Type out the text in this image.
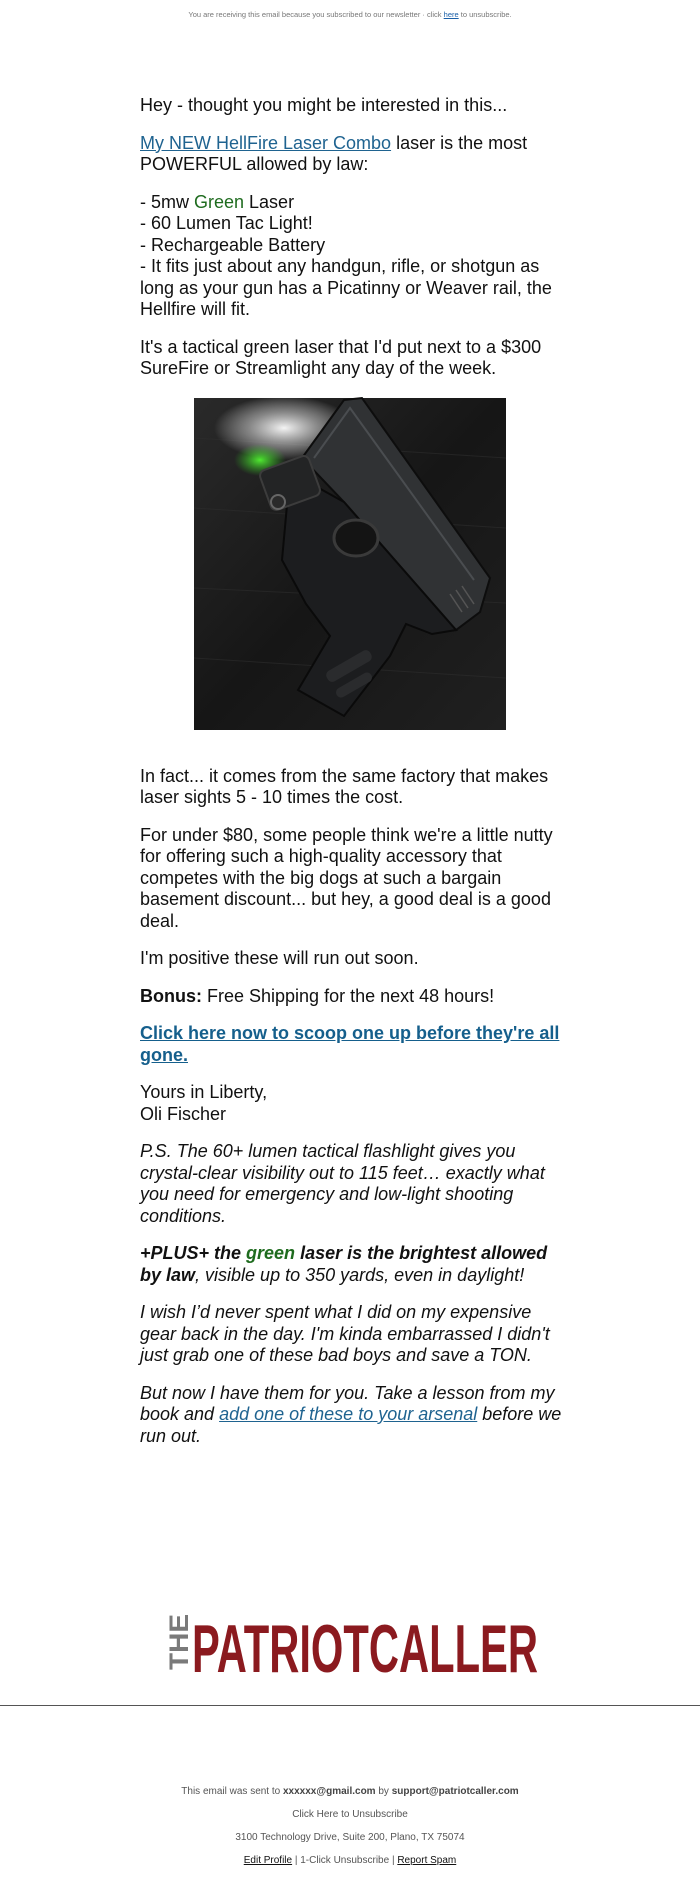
You are receiving this email because you subscribed to our newsletter · click here to unsubscribe.

Hey - thought you might be interested in this...

My NEW HellFire Laser Combo laser is the most POWERFUL allowed by law:

- 5mw Green Laser
- 60 Lumen Tac Light!
- Rechargeable Battery
- It fits just about any handgun, rifle, or shotgun as long as your gun has a Picatinny or Weaver rail, the Hellfire will fit.

It's a tactical green laser that I'd put next to a $300 SureFire or Streamlight any day of the week.

In fact... it comes from the same factory that makes laser sights 5 - 10 times the cost.

For under $80, some people think we're a little nutty for offering such a high-quality accessory that competes with the big dogs at such a bargain basement discount... but hey, a good deal is a good deal.

I'm positive these will run out soon.

Bonus: Free Shipping for the next 48 hours!

Click here now to scoop one up before they're all gone.

Yours in Liberty,
Oli Fischer

P.S. The 60+ lumen tactical flashlight gives you crystal-clear visibility out to 115 feet… exactly what you need for emergency and low-light shooting conditions.

+PLUS+ the green laser is the brightest allowed by law, visible up to 350 yards, even in daylight!

I wish I’d never spent what I did on my expensive gear back in the day. I'm kinda embarrassed I didn't just grab one of these bad boys and save a TON.

But now I have them for you. Take a lesson from my book and add one of these to your arsenal before we run out.

THE
PATRIOTCALLER
This email was sent to xxxxxx@gmail.com by support@patriotcaller.com
Click Here to Unsubscribe
3100 Technology Drive, Suite 200, Plano, TX 75074
Edit Profile | 1-Click Unsubscribe | Report Spam
